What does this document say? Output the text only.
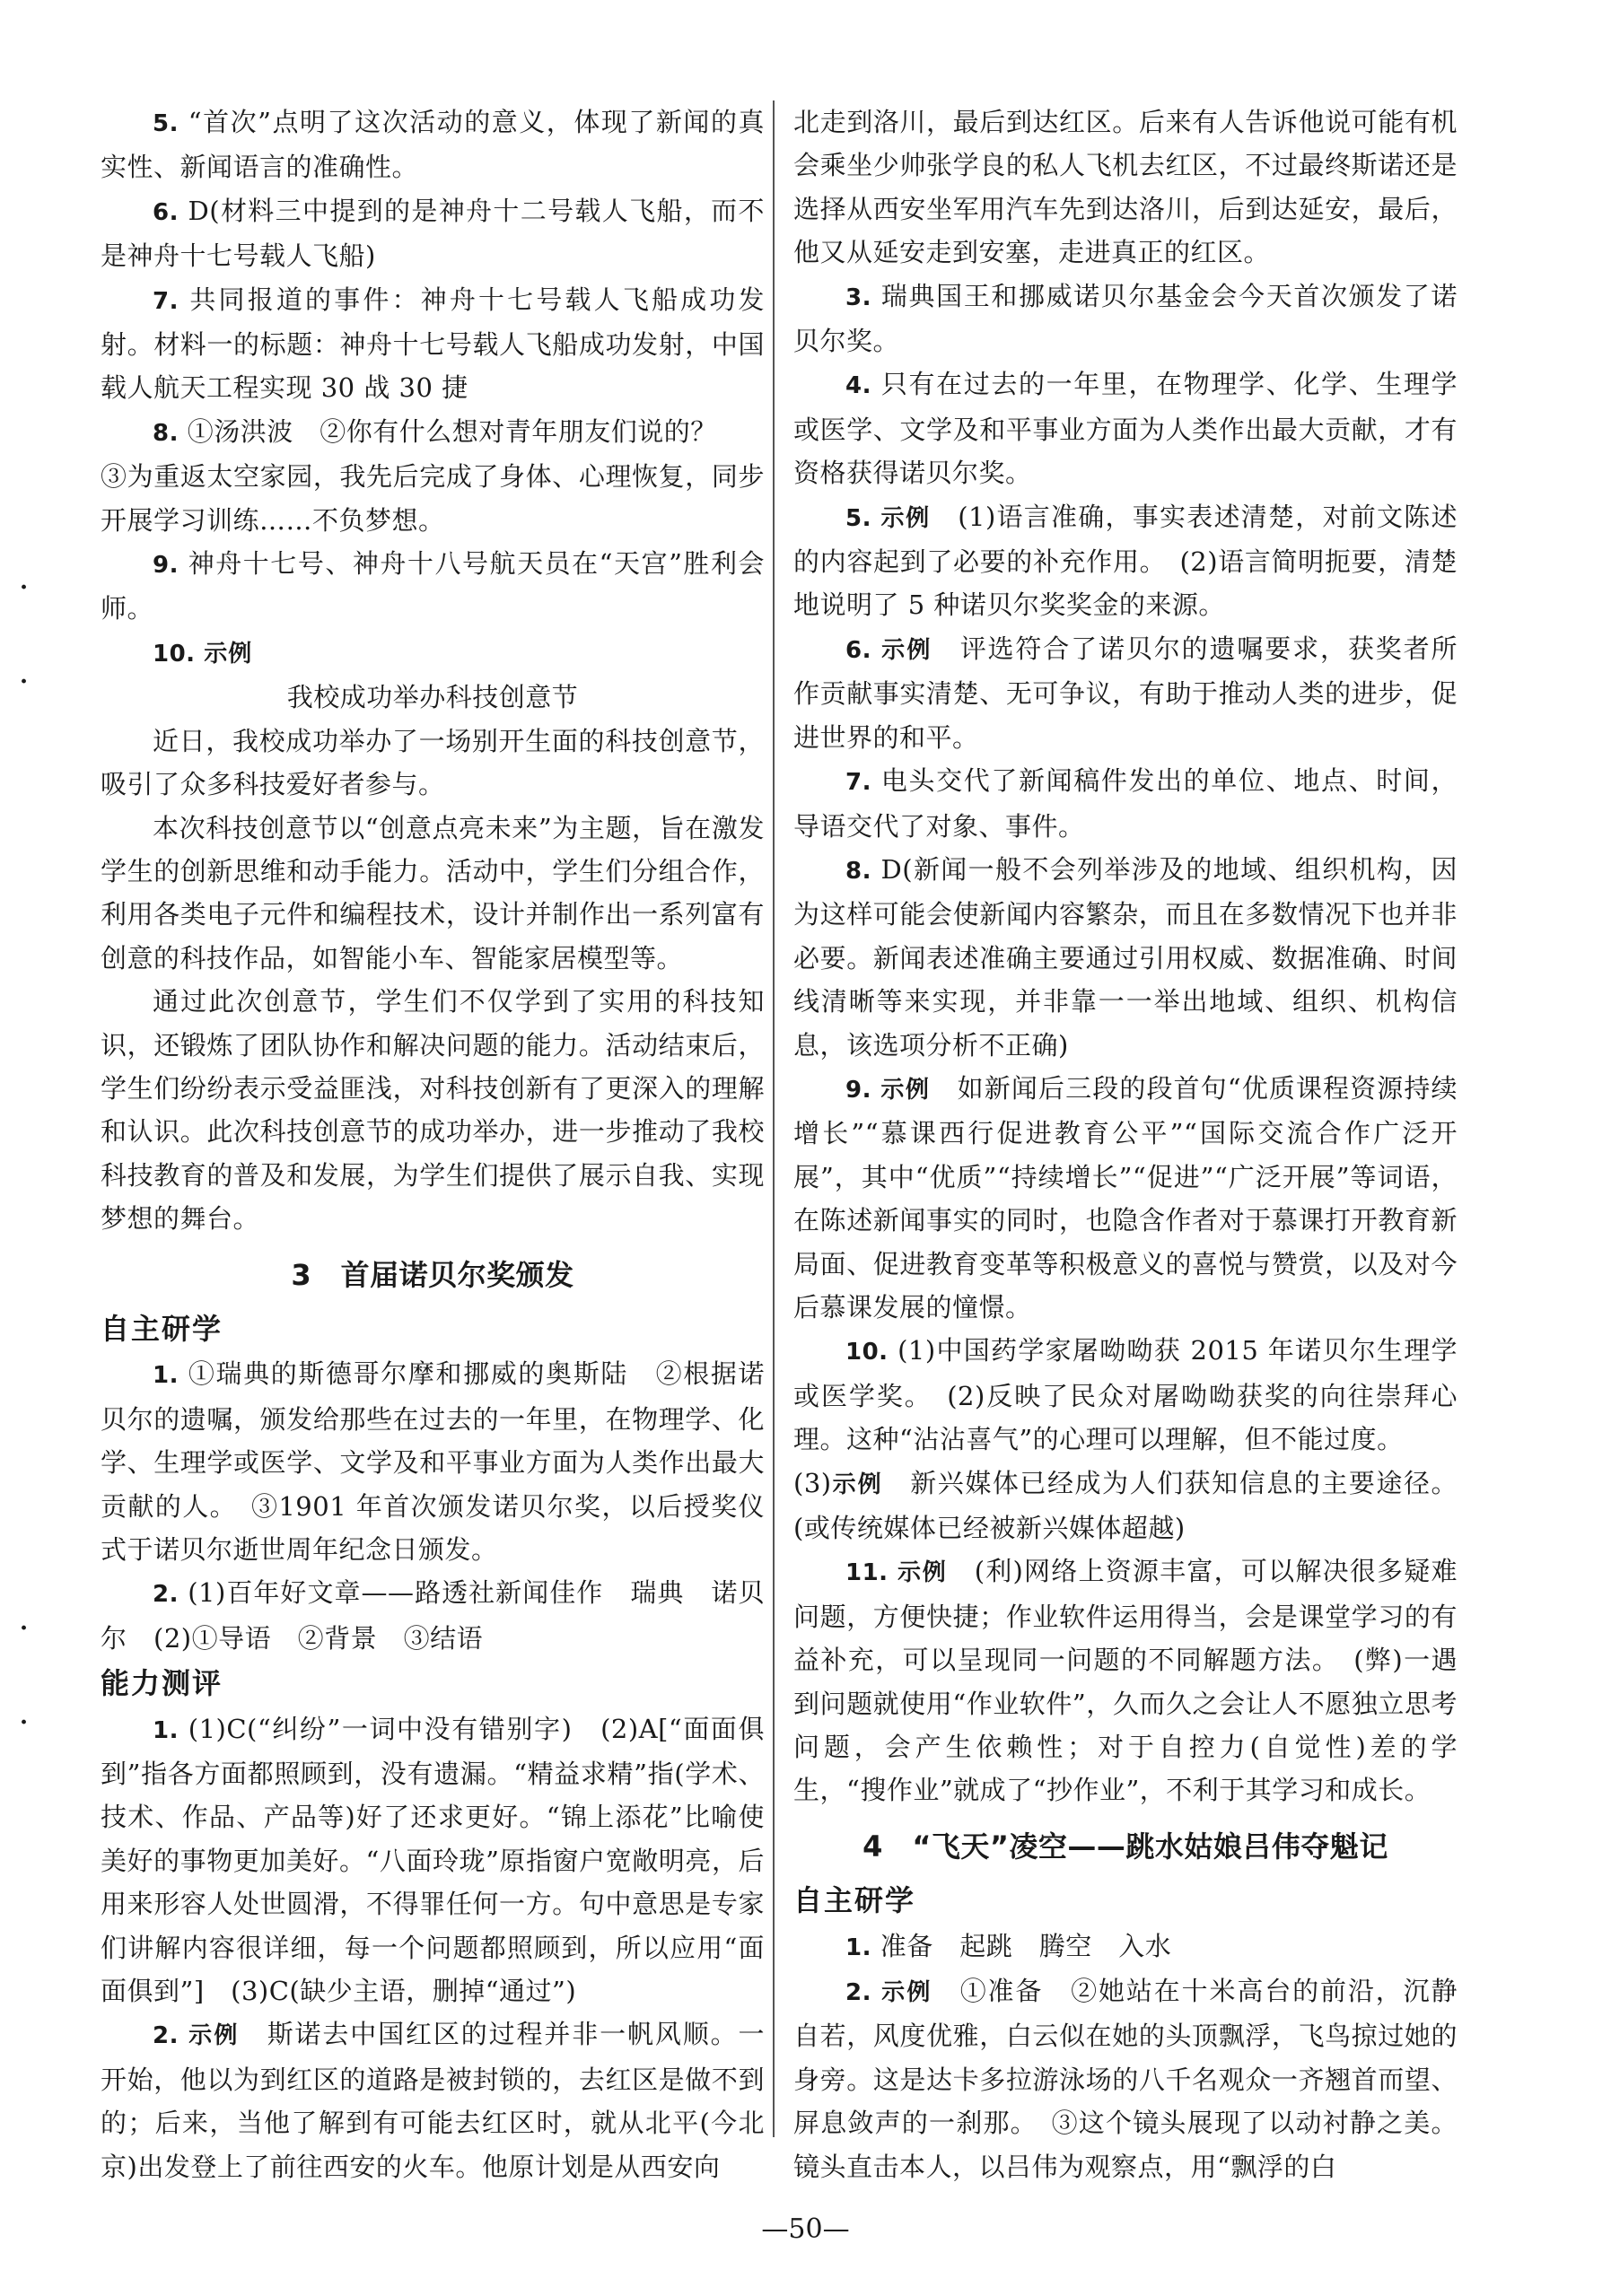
·
·
·
·

5. “首次”点明了这次活动的意义，体现了新闻的真实性、新闻语言的准确性。

6. D(材料三中提到的是神舟十二号载人飞船，而不是神舟十七号载人飞船)

7. 共同报道的事件：神舟十七号载人飞船成功发射。材料一的标题：神舟十七号载人飞船成功发射，中国载人航天工程实现 30 战 30 捷

8. ①汤洪波　②你有什么想对青年朋友们说的？

③为重返太空家园，我先后完成了身体、心理恢复，同步开展学习训练……不负梦想。

9. 神舟十七号、神舟十八号航天员在“天宫”胜利会师。

10. 示例　

我校成功举办科技创意节

近日，我校成功举办了一场别开生面的科技创意节，吸引了众多科技爱好者参与。

本次科技创意节以“创意点亮未来”为主题，旨在激发学生的创新思维和动手能力。活动中，学生们分组合作，利用各类电子元件和编程技术，设计并制作出一系列富有创意的科技作品，如智能小车、智能家居模型等。

通过此次创意节，学生们不仅学到了实用的科技知识，还锻炼了团队协作和解决问题的能力。活动结束后，学生们纷纷表示受益匪浅，对科技创新有了更深入的理解和认识。此次科技创意节的成功举办，进一步推动了我校科技教育的普及和发展，为学生们提供了展示自我、实现梦想的舞台。

3　首届诺贝尔奖颁发

自主研学

1. ①瑞典的斯德哥尔摩和挪威的奥斯陆　②根据诺贝尔的遗嘱，颁发给那些在过去的一年里，在物理学、化学、生理学或医学、文学及和平事业方面为人类作出最大贡献的人。　③1901 年首次颁发诺贝尔奖，以后授奖仪式于诺贝尔逝世周年纪念日颁发。

2. (1)百年好文章——路透社新闻佳作　瑞典　诺贝尔　(2)①导语　②背景　③结语

能力测评

1. (1)C(“纠纷”一词中没有错别字)　(2)A[“面面俱到”指各方面都照顾到，没有遗漏。“精益求精”指(学术、技术、作品、产品等)好了还求更好。“锦上添花”比喻使美好的事物更加美好。“八面玲珑”原指窗户宽敞明亮，后用来形容人处世圆滑，不得罪任何一方。句中意思是专家们讲解内容很详细，每一个问题都照顾到，所以应用“面面俱到”]　(3)C(缺少主语，删掉“通过”)

2. 示例　 斯诺去中国红区的过程并非一帆风顺。一开始，他以为到红区的道路是被封锁的，去红区是做不到的；后来，当他了解到有可能去红区时，就从北平(今北京)出发登上了前往西安的火车。他原计划是从西安向

北走到洛川，最后到达红区。后来有人告诉他说可能有机会乘坐少帅张学良的私人飞机去红区，不过最终斯诺还是选择从西安坐军用汽车先到达洛川，后到达延安，最后，他又从延安走到安塞，走进真正的红区。

3. 瑞典国王和挪威诺贝尔基金会今天首次颁发了诺贝尔奖。

4. 只有在过去的一年里，在物理学、化学、生理学或医学、文学及和平事业方面为人类作出最大贡献，才有资格获得诺贝尔奖。

5. 示例　 (1)语言准确，事实表述清楚，对前文陈述的内容起到了必要的补充作用。　(2)语言简明扼要，清楚地说明了 5 种诺贝尔奖奖金的来源。

6. 示例　 评选符合了诺贝尔的遗嘱要求，获奖者所作贡献事实清楚、无可争议，有助于推动人类的进步，促进世界的和平。

7. 电头交代了新闻稿件发出的单位、地点、时间，导语交代了对象、事件。

8. D(新闻一般不会列举涉及的地域、组织机构，因为这样可能会使新闻内容繁杂，而且在多数情况下也并非必要。新闻表述准确主要通过引用权威、数据准确、时间线清晰等来实现，并非靠一一举出地域、组织、机构信息，该选项分析不正确)

9. 示例　 如新闻后三段的段首句“优质课程资源持续增长”“慕课西行促进教育公平”“国际交流合作广泛开展”，其中“优质”“持续增长”“促进”“广泛开展”等词语，在陈述新闻事实的同时，也隐含作者对于慕课打开教育新局面、促进教育变革等积极意义的喜悦与赞赏，以及对今后慕课发展的憧憬。

10. (1)中国药学家屠呦呦获 2015 年诺贝尔生理学或医学奖。　(2)反映了民众对屠呦呦获奖的向往崇拜心理。这种“沾沾喜气”的心理可以理解，但不能过度。

(3)示例　 新兴媒体已经成为人们获知信息的主要途径。(或传统媒体已经被新兴媒体超越)

11. 示例　 (利)网络上资源丰富，可以解决很多疑难问题，方便快捷；作业软件运用得当，会是课堂学习的有益补充，可以呈现同一问题的不同解题方法。　(弊)一遇到问题就使用“作业软件”，久而久之会让人不愿独立思考问题，会产生依赖性；对于自控力(自觉性)差的学生，“搜作业”就成了“抄作业”，不利于其学习和成长。

4　“飞天”凌空——跳水姑娘吕伟夺魁记

自主研学

1. 准备　起跳　腾空　入水

2. 示例　 ①准备　②她站在十米高台的前沿，沉静自若，风度优雅，白云似在她的头顶飘浮，飞鸟掠过她的身旁。这是达卡多拉游泳场的八千名观众一齐翘首而望、屏息敛声的一刹那。　③这个镜头展现了以动衬静之美。镜头直击本人，以吕伟为观察点，用“飘浮的白

—50—
